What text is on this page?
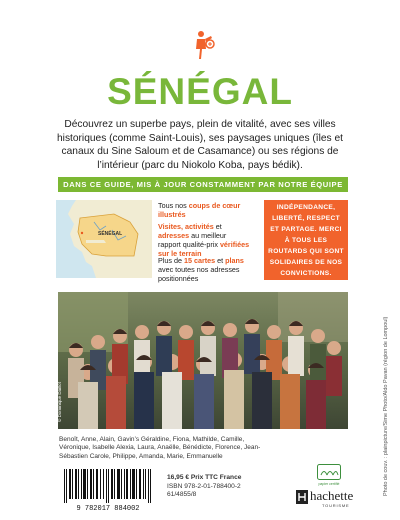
SÉNÉGAL
Découvrez un superbe pays, plein de vitalité, avec ses villes historiques (comme Saint-Louis), ses paysages uniques (îles et canaux du Sine Saloum et de Casamance) ou ses régions de l’intérieur (parc du Niokolo Koba, pays bédik).
DANS CE GUIDE, MIS À JOUR CONSTAMMENT PAR NOTRE ÉQUIPE
SÉNÉGAL
Tous nos coups de cœur illustrés
Visites, activités et adresses au meilleur rapport qualité-prix vérifiées sur le terrain
Plus de 15 cartes et plans avec toutes nos adresses positionnées
INDÉPENDANCE, LIBERTÉ, RESPECT ET PARTAGE. MERCI À TOUS LES ROUTARDS QUI SONT SOLIDAIRES DE NOS CONVICTIONS.
© Dominique Daillot
Benoît, Anne, Alain, Gavin’s Géraldine, Fiona, Mathilde, Camille, Véronique, Isabelle Alexia, Laura, Anaëlle, Bénédicte, Florence, Jean-Sébastien Carole, Philippe, Amanda, Marie, Emmanuelle
9 782017 884002
16,95 € Prix TTC France
ISBN 978-2-01-788400-2
61/4855/8
papier certifié
hachette
TOURISME
Photo de couv. : plainpicture/Sime Photo/Aldo Pavan (région de Lompoul)
